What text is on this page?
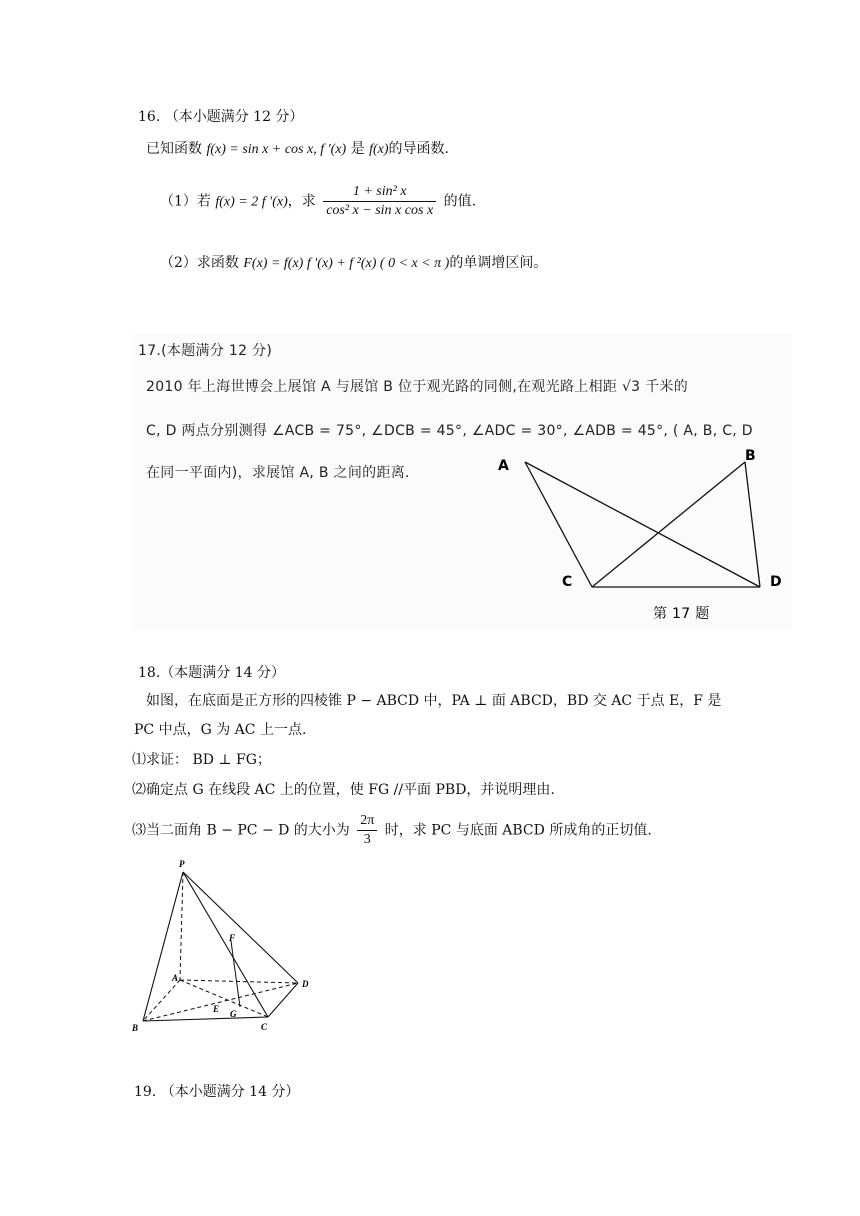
16. （本小题满分 12 分）
已知函数 f(x) = sin x + cos x, f ′(x) 是 f(x)的导函数.
（1）若 f(x) = 2 f ′(x)，求 $\frac{\text{1 + sin² x}}{\text{cos² x − sin x cos x}}$ 的值.
（2）求函数 F(x) = f(x) f ′(x) + f ²(x) ( 0 < x < π )的单调增区间。
17.(本题满分 12 分)
2010 年上海世博会上展馆 A 与展馆 B 位于观光路的同侧,在观光路上相距 √3 千米的
C, D 两点分别测得 ∠ACB = 75°, ∠DCB = 45°, ∠ADC = 30°, ∠ADB = 45°, ( A, B, C, D
在同一平面内)，求展馆 A, B 之间的距离.	A
B
C	D
第 17 题
18.（本题满分 14 分）
如图，在底面是正方形的四棱锥 P − ABCD 中，PA ⊥ 面 ABCD，BD 交 AC 于点 E，F 是
PC 中点，G 为 AC 上一点.
⑴求证： BD ⊥ FG；
⑵确定点 G 在线段 AC 上的位置，使 FG //平面 PBD，并说明理由.
⑶当二面角 B − PC − D 的大小为 $\frac{2\pi}{3}$ 时，求 PC 与底面 ABCD 所成角的正切值.
P
A
B	C
D
E
F
G
19. （本小题满分 14 分）
